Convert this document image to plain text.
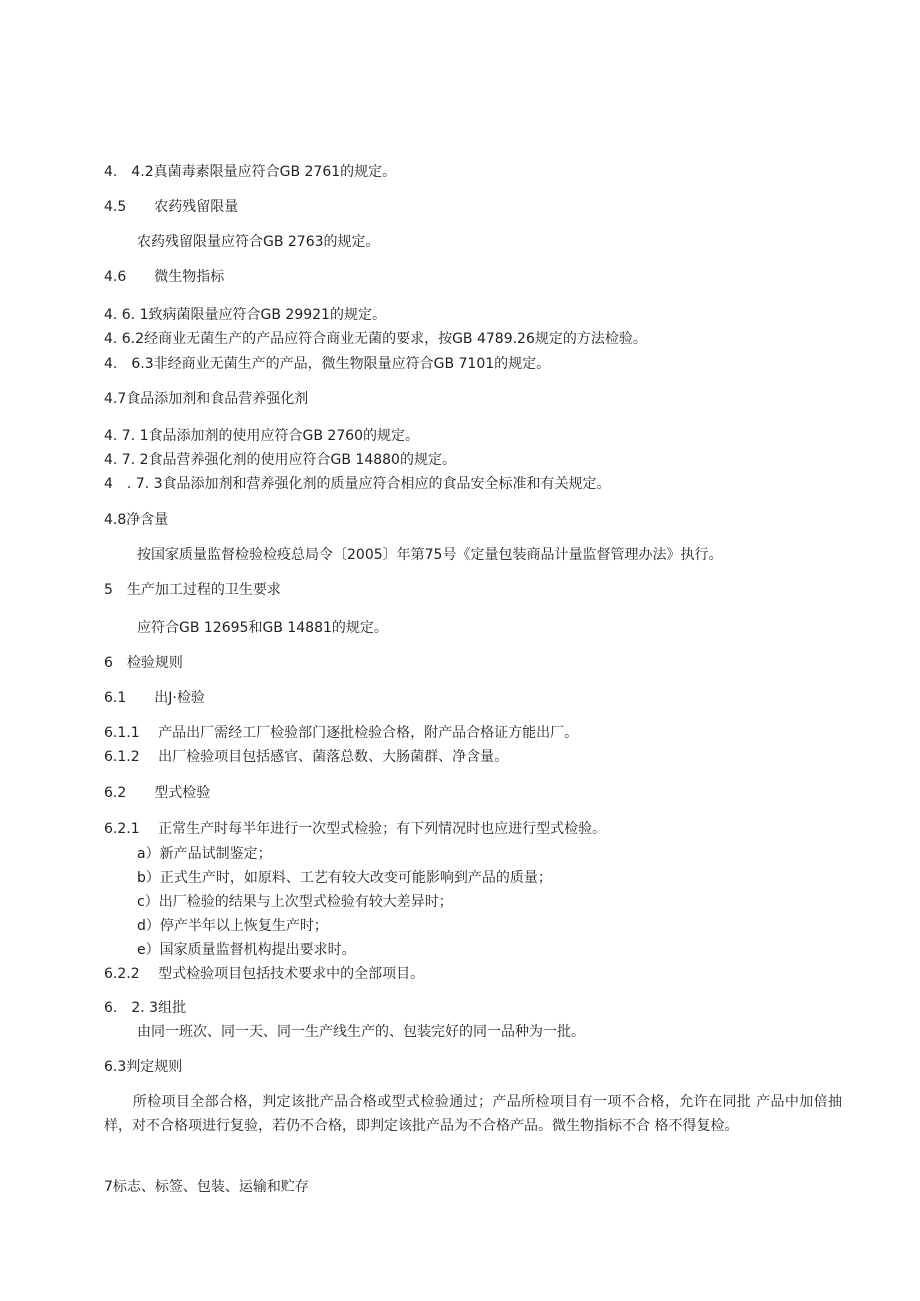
4.　4.2真菌毒素限量应符合GB 2761的规定。
4.5　　农药残留限量
农药残留限量应符合GB 2763的规定。
4.6　　微生物指标
4. 6. 1致病菌限量应符合GB 29921的规定。
4. 6.2经商业无菌生产的产品应符合商业无菌的要求，按GB 4789.26规定的方法检验。
4.　6.3非经商业无菌生产的产品，微生物限量应符合GB 7101的规定。
4.7食品添加剂和食品营养强化剂
4. 7. 1食品添加剂的使用应符合GB 2760的规定。
4. 7. 2食品营养强化剂的使用应符合GB 14880的规定。
4　. 7. 3食品添加剂和营养强化剂的质量应符合相应的食品安全标准和有关规定。
4.8净含量
按国家质量监督检验检疫总局令〔2005〕年第75号《定量包装商品计量监督管理办法》执行。
5　生产加工过程的卫生要求
应符合GB 12695和GB 14881的规定。
6　检验规则
6.1　　出J·检验
6.1.1　 产品出厂需经工厂检验部门逐批检验合格，附产品合格证方能出厂。
6.1.2　 出厂检验项目包括感官、菌落总数、大肠菌群、净含量。
6.2　　型式检验
6.2.1　 正常生产时每半年进行一次型式检验；有下列情况时也应进行型式检验。
a）新产品试制鉴定；
b）正式生产时，如原料、工艺有较大改变可能影响到产品的质量；
c）出厂检验的结果与上次型式检验有较大差异时；
d）停产半年以上恢复生产时；
e）国家质量监督机构提出要求时。
6.2.2　 型式检验项目包括技术要求中的全部项目。
6.　2. 3组批
由同一班次、同一天、同一生产线生产的、包装完好的同一品种为一批。
6.3判定规则
　　所检项目全部合格，判定该批产品合格或型式检验通过；产品所检项目有一项不合格，允许在同批 产品中加倍抽样，对不合格项进行复验，若仍不合格，即判定该批产品为不合格产品。微生物指标不合 格不得复检。
7标志、标签、包装、运输和贮存
